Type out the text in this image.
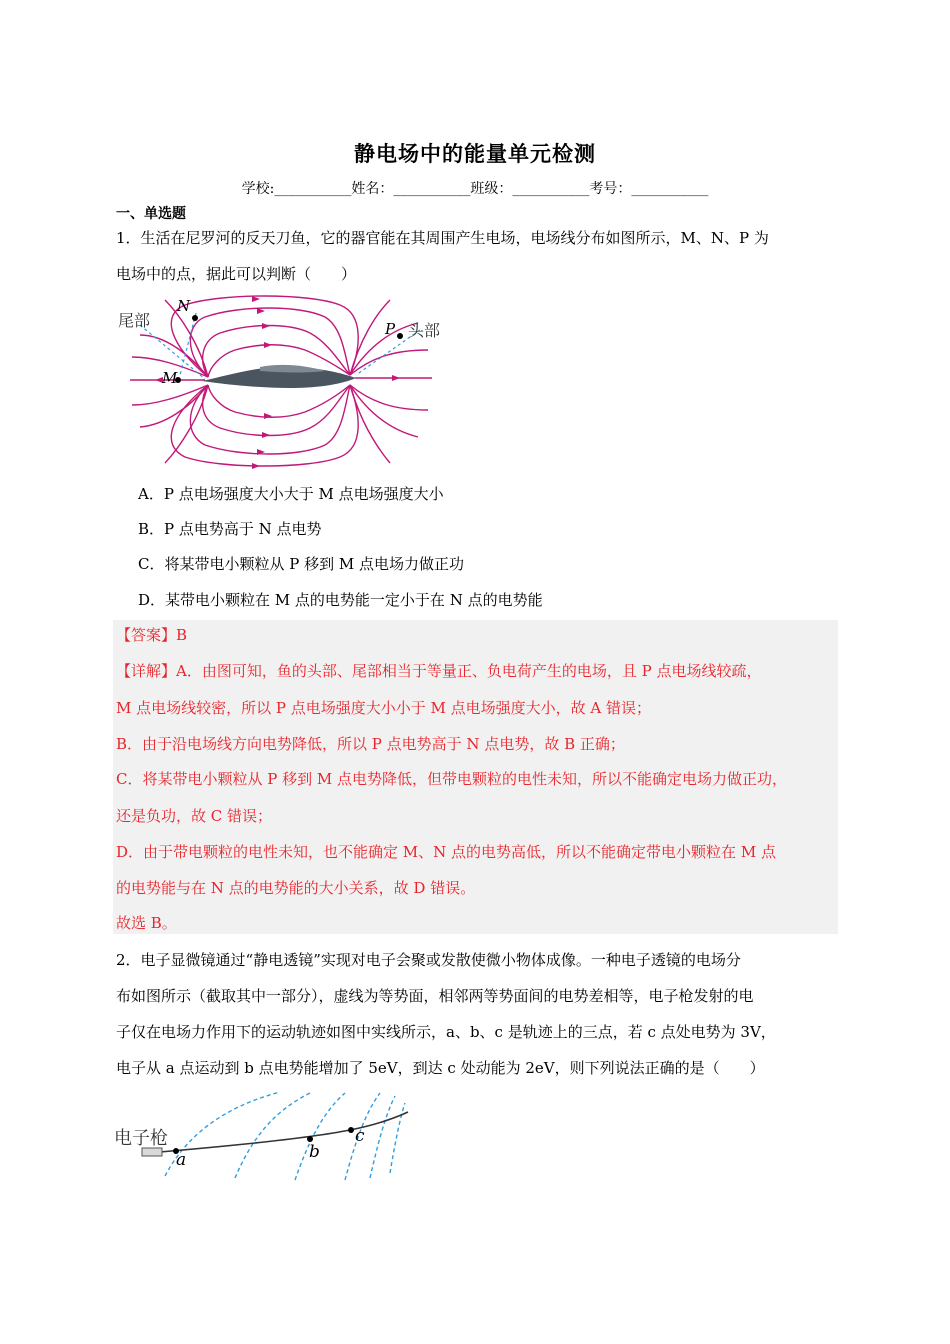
静电场中的能量单元检测
学校:___________姓名：___________班级：___________考号：___________
一、单选题
1．生活在尼罗河的反天刀鱼，它的器官能在其周围产生电场，电场线分布如图所示，M、N、P 为
电场中的点，据此可以判断（　　）
尾部
头部
N
P
M
A．P 点电场强度大小大于 M 点电场强度大小
B．P 点电势高于 N 点电势
C．将某带电小颗粒从 P 移到 M 点电场力做正功
D．某带电小颗粒在 M 点的电势能一定小于在 N 点的电势能
【答案】B
【详解】A．由图可知，鱼的头部、尾部相当于等量正、负电荷产生的电场，且 P 点电场线较疏，
M 点电场线较密，所以 P 点电场强度大小小于 M 点电场强度大小，故 A 错误；
B．由于沿电场线方向电势降低，所以 P 点电势高于 N 点电势，故 B 正确；
C．将某带电小颗粒从 P 移到 M 点电势降低，但带电颗粒的电性未知，所以不能确定电场力做正功，
还是负功，故 C 错误；
D．由于带电颗粒的电性未知，也不能确定 M、N 点的电势高低，所以不能确定带电小颗粒在 M 点
的电势能与在 N 点的电势能的大小关系，故 D 错误。
故选 B。
2．电子显微镜通过“静电透镜”实现对电子会聚或发散使微小物体成像。一种电子透镜的电场分
布如图所示（截取其中一部分），虚线为等势面，相邻两等势面间的电势差相等，电子枪发射的电
子仅在电场力作用下的运动轨迹如图中实线所示，a、b、c 是轨迹上的三点，若 c 点处电势为 3V，
电子从 a 点运动到 b 点电势能增加了 5eV，到达 c 处动能为 2eV，则下列说法正确的是（　　）
电子枪
a	b
c
